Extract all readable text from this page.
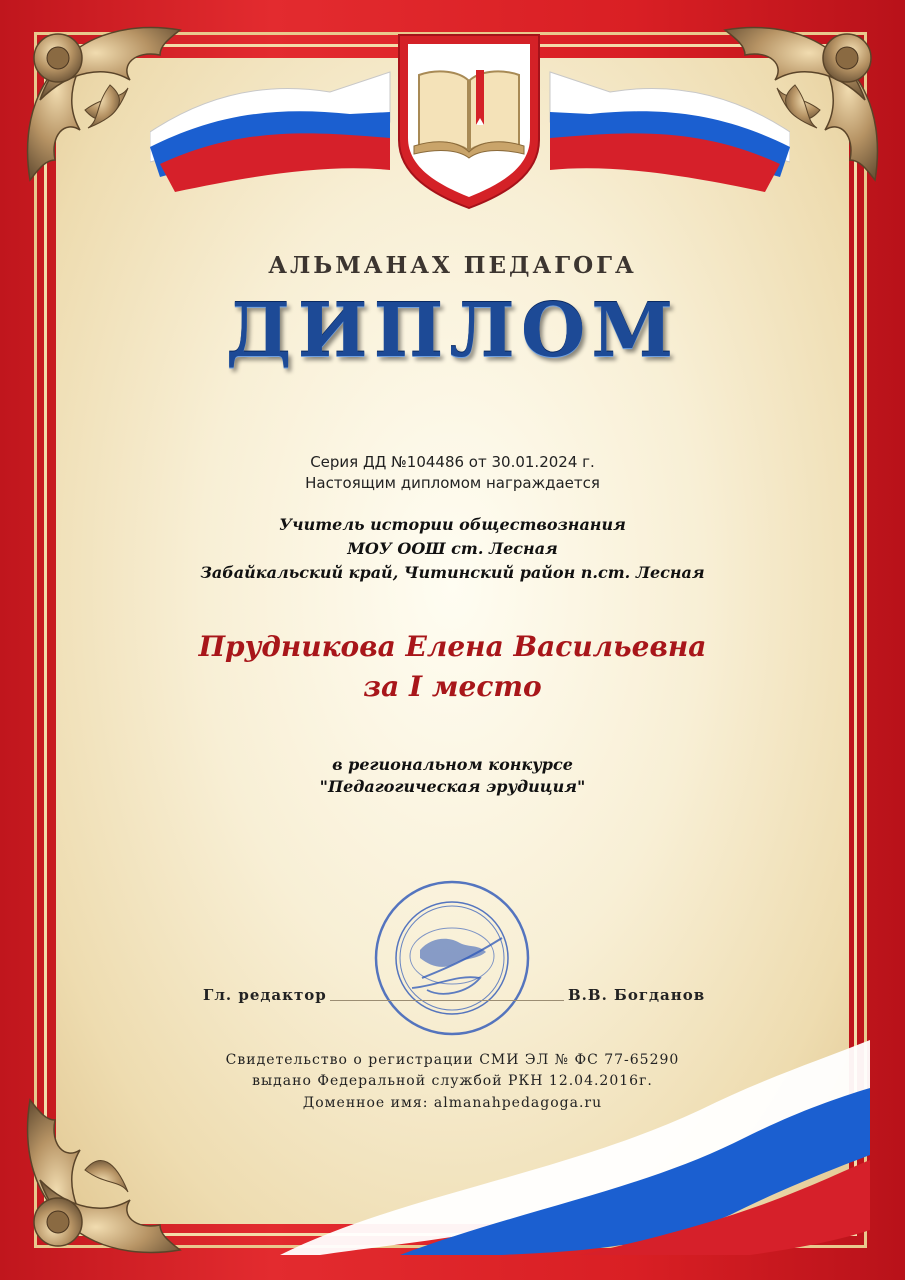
АЛЬМАНАХ ПЕДАГОГА

ДИПЛОМ

Серия ДД №104486 от 30.01.2024 г.

Настоящим дипломом награждается

Учитель истории обществознания

МОУ ООШ ст. Лесная

Забайкальский край, Читинский район п.ст. Лесная

Прудникова Елена Васильевна

за I место

в региональном конкурсе

"Педагогическая эрудиция"

Гл. редактор	В.В. Богданов

Свидетельство о регистрации СМИ ЭЛ № ФС 77-65290

выдано Федеральной службой РКН 12.04.2016г.

Доменное имя: almanahpedagoga.ru
